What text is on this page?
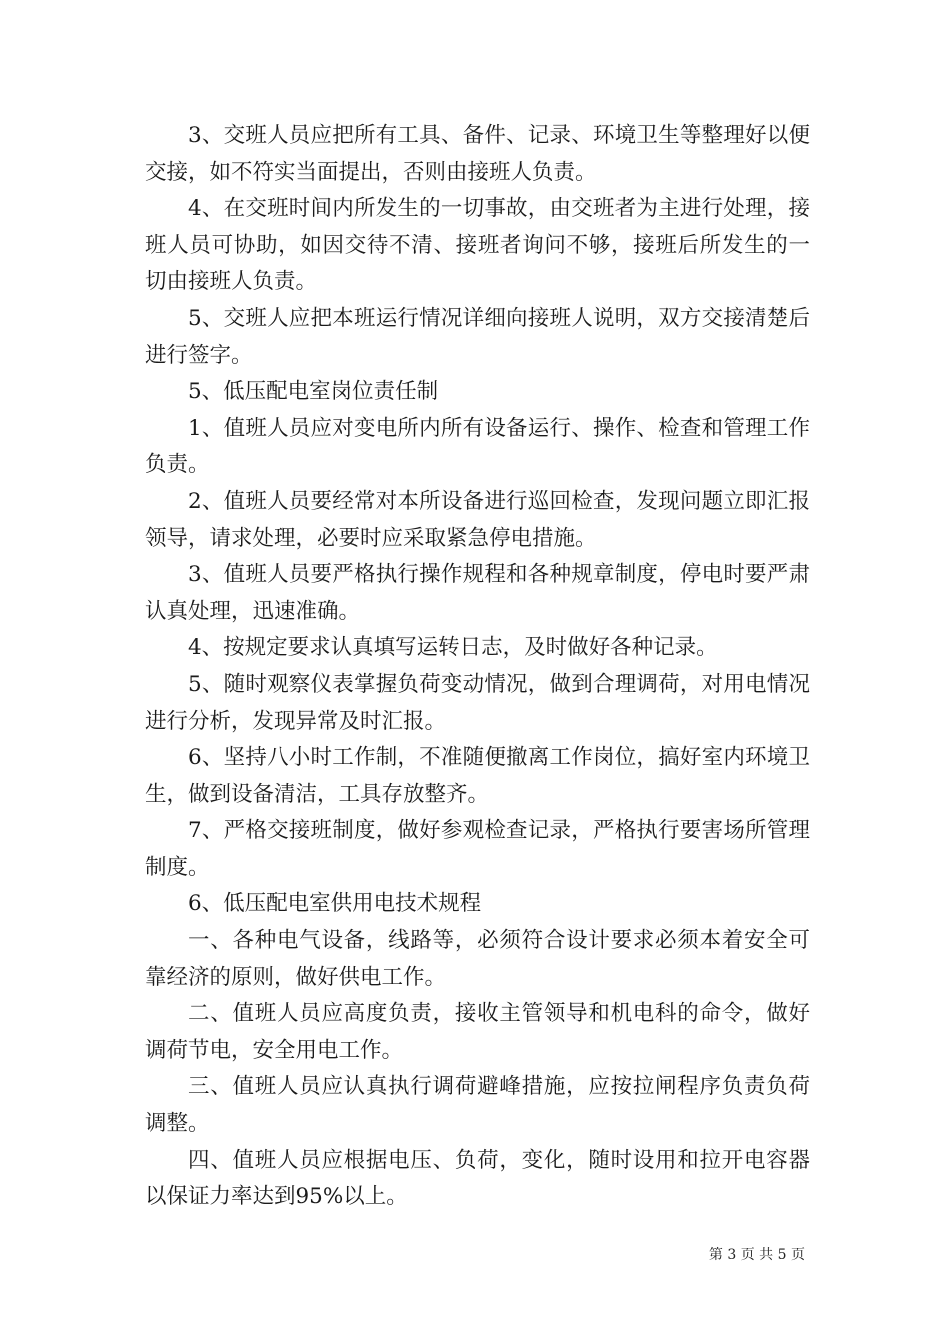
3、交班人员应把所有工具、备件、记录、环境卫生等整理好以便交接，如不符实当面提出，否则由接班人负责。

4、在交班时间内所发生的一切事故，由交班者为主进行处理，接班人员可协助，如因交待不清、接班者询问不够，接班后所发生的一切由接班人负责。

5、交班人应把本班运行情况详细向接班人说明，双方交接清楚后进行签字。

5、低压配电室岗位责任制

1、值班人员应对变电所内所有设备运行、操作、检查和管理工作负责。

2、值班人员要经常对本所设备进行巡回检查，发现问题立即汇报领导，请求处理，必要时应采取紧急停电措施。

3、值班人员要严格执行操作规程和各种规章制度，停电时要严肃认真处理，迅速准确。

4、按规定要求认真填写运转日志，及时做好各种记录。

5、随时观察仪表掌握负荷变动情况，做到合理调荷，对用电情况进行分析，发现异常及时汇报。

6、坚持八小时工作制，不准随便撤离工作岗位，搞好室内环境卫生，做到设备清洁，工具存放整齐。

7、严格交接班制度，做好参观检查记录，严格执行要害场所管理制度。

6、低压配电室供用电技术规程

一、各种电气设备，线路等，必须符合设计要求必须本着安全可靠经济的原则，做好供电工作。

二、值班人员应高度负责，接收主管领导和机电科的命令，做好调荷节电，安全用电工作。

三、值班人员应认真执行调荷避峰措施，应按拉闸程序负责负荷调整。

四、值班人员应根据电压、负荷，变化，随时设用和拉开电容器以保证力率达到95%以上。

第 3 页 共 5 页
